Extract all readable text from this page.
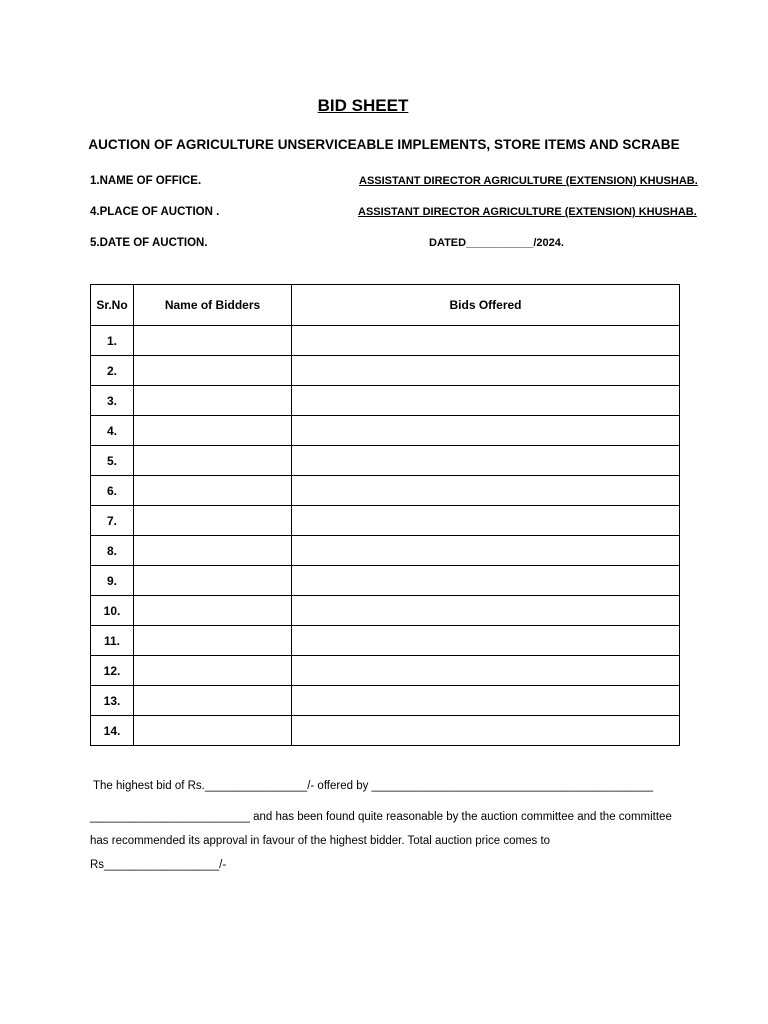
BID SHEET
AUCTION OF AGRICULTURE UNSERVICEABLE IMPLEMENTS, STORE ITEMS AND SCRABE
1.NAME OF OFFICE.	ASSISTANT DIRECTOR AGRICULTURE (EXTENSION) KHUSHAB.
4.PLACE OF AUCTION .	ASSISTANT DIRECTOR AGRICULTURE (EXTENSION) KHUSHAB.
5.DATE OF AUCTION.	DATED___________/2024.
Sr.No	Name of Bidders	Bids Offered
1.		
2.		
3.		
4.		
5.		
6.		
7.		
8.		
9.		
10.		
11.		
12.		
13.		
14.		
The highest bid of Rs.________________/- offered by ____________________________________________
_________________________ and has been found quite reasonable by the auction committee and the committee
has recommended its approval in favour of the highest bidder. Total auction price comes to
Rs__________________/-
